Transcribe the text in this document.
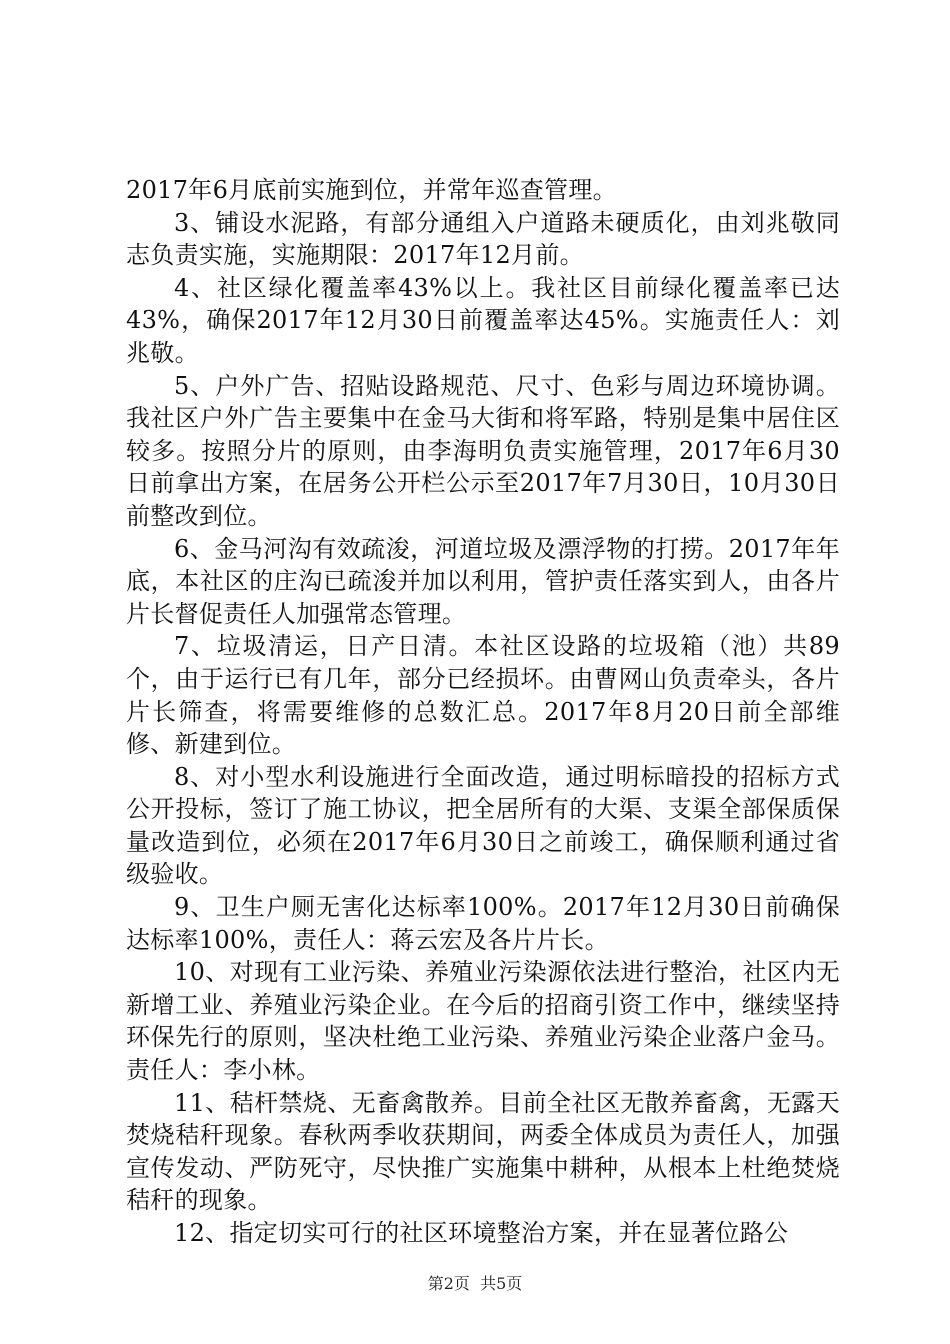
2017年6月底前实施到位，并常年巡查管理。

3、铺设水泥路，有部分通组入户道路未硬质化，由刘兆敬同志负责实施，实施期限：2017年12月前。

4、社区绿化覆盖率43%以上。我社区目前绿化覆盖率已达43%，确保2017年12月30日前覆盖率达45%。实施责任人：刘兆敬。

5、户外广告、招贴设路规范、尺寸、色彩与周边环境协调。我社区户外广告主要集中在金马大街和将军路，特别是集中居住区较多。按照分片的原则，由李海明负责实施管理，2017年6月30日前拿出方案，在居务公开栏公示至2017年7月30日，10月30日前整改到位。

6、金马河沟有效疏浚，河道垃圾及漂浮物的打捞。2017年年底，本社区的庄沟已疏浚并加以利用，管护责任落实到人，由各片片长督促责任人加强常态管理。

7、垃圾清运，日产日清。本社区设路的垃圾箱（池）共89个，由于运行已有几年，部分已经损坏。由曹网山负责牵头，各片片长筛查，将需要维修的总数汇总。2017年8月20日前全部维修、新建到位。

8、对小型水利设施进行全面改造，通过明标暗投的招标方式公开投标，签订了施工协议，把全居所有的大渠、支渠全部保质保量改造到位，必须在2017年6月30日之前竣工，确保顺利通过省级验收。

9、卫生户厕无害化达标率100%。2017年12月30日前确保达标率100%，责任人：蒋云宏及各片片长。

10、对现有工业污染、养殖业污染源依法进行整治，社区内无新增工业、养殖业污染企业。在今后的招商引资工作中，继续坚持环保先行的原则，坚决杜绝工业污染、养殖业污染企业落户金马。责任人：李小林。

11、秸杆禁烧、无畜禽散养。目前全社区无散养畜禽，无露天焚烧秸秆现象。春秋两季收获期间，两委全体成员为责任人，加强宣传发动、严防死守，尽快推广实施集中耕种，从根本上杜绝焚烧秸秆的现象。

12、指定切实可行的社区环境整治方案，并在显著位路公

第2页 共5页
